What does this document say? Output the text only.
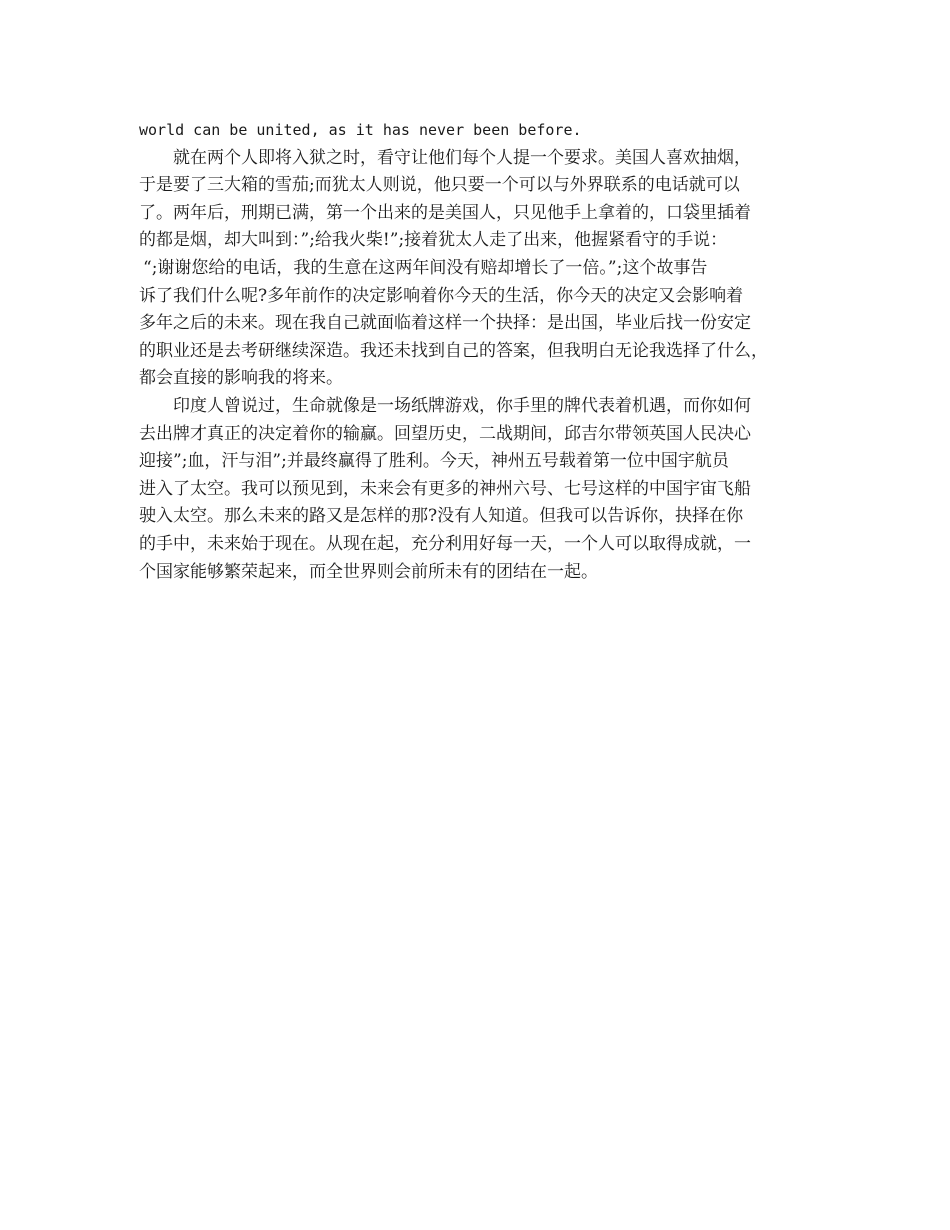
world can be united, as it has never been before.
就在两个人即将入狱之时，看守让他们每个人提一个要求。美国人喜欢抽烟，
于是要了三大箱的雪茄;而犹太人则说，他只要一个可以与外界联系的电话就可以
了。两年后，刑期已满，第一个出来的是美国人，只见他手上拿着的，口袋里插着
的都是烟，却大叫到：”;给我火柴!”;接着犹太人走了出来，他握紧看守的手说：
“;谢谢您给的电话，我的生意在这两年间没有赔却增长了一倍。”;这个故事告
诉了我们什么呢?多年前作的决定影响着你今天的生活，你今天的决定又会影响着
多年之后的未来。现在我自己就面临着这样一个抉择：是出国，毕业后找一份安定
的职业还是去考研继续深造。我还未找到自己的答案，但我明白无论我选择了什么，
都会直接的影响我的将来。
印度人曾说过，生命就像是一场纸牌游戏，你手里的牌代表着机遇，而你如何
去出牌才真正的决定着你的输赢。回望历史，二战期间，邱吉尔带领英国人民决心
迎接”;血，汗与泪”;并最终赢得了胜利。今天，神州五号载着第一位中国宇航员
进入了太空。我可以预见到，未来会有更多的神州六号、七号这样的中国宇宙飞船
驶入太空。那么未来的路又是怎样的那?没有人知道。但我可以告诉你，抉择在你
的手中，未来始于现在。从现在起，充分利用好每一天，一个人可以取得成就，一
个国家能够繁荣起来，而全世界则会前所未有的团结在一起。
